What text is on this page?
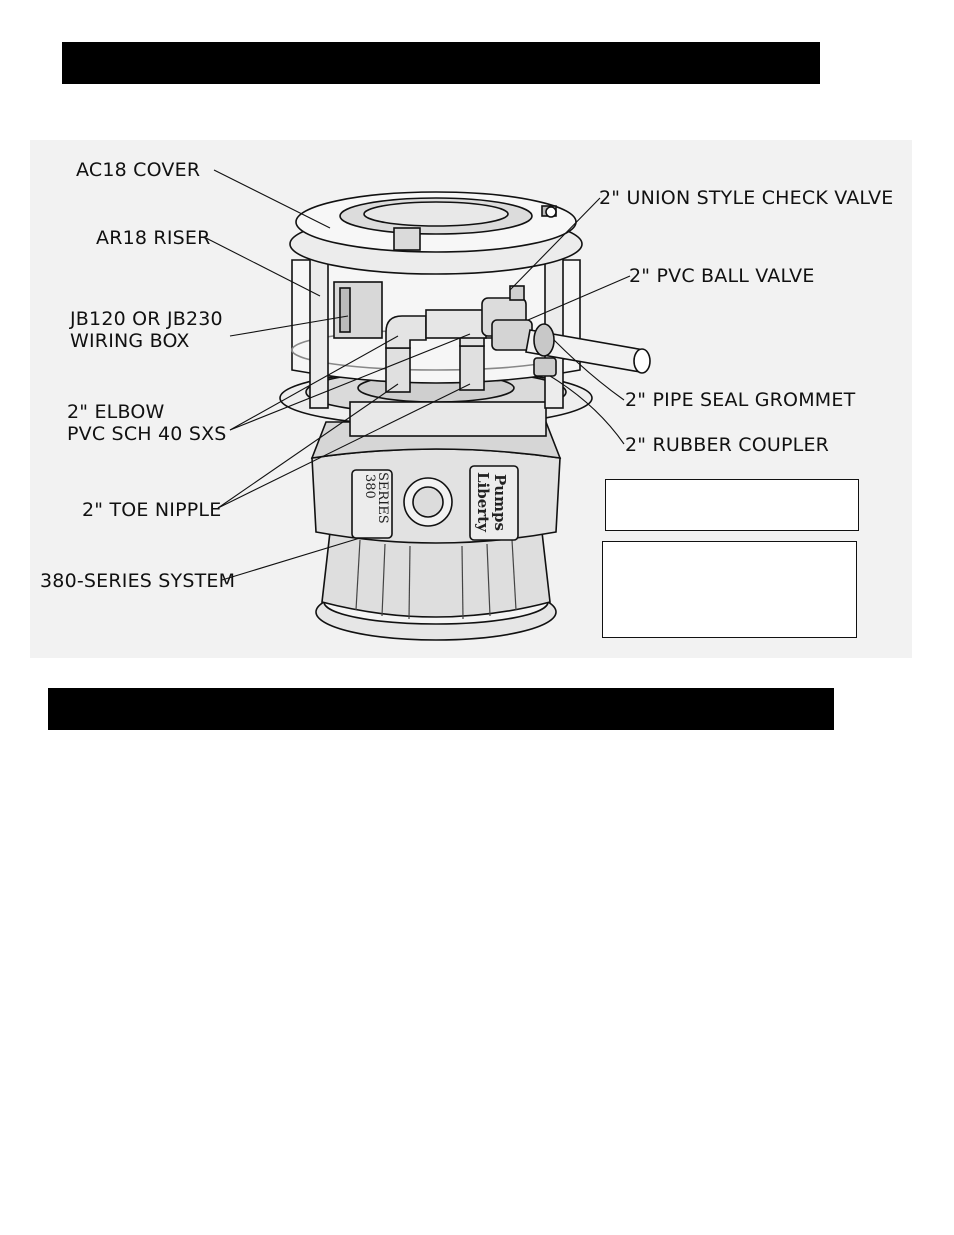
380
SERIES	Liberty Pumps
AC18 COVER
AR18 RISER
JB120 OR JB230
WIRING BOX
2" ELBOW
PVC SCH 40 SXS
2" TOE NIPPLE
380-SERIES SYSTEM
2" UNION STYLE CHECK VALVE
2" PVC BALL VALVE
2" PIPE SEAL GROMMET
2" RUBBER COUPLER
